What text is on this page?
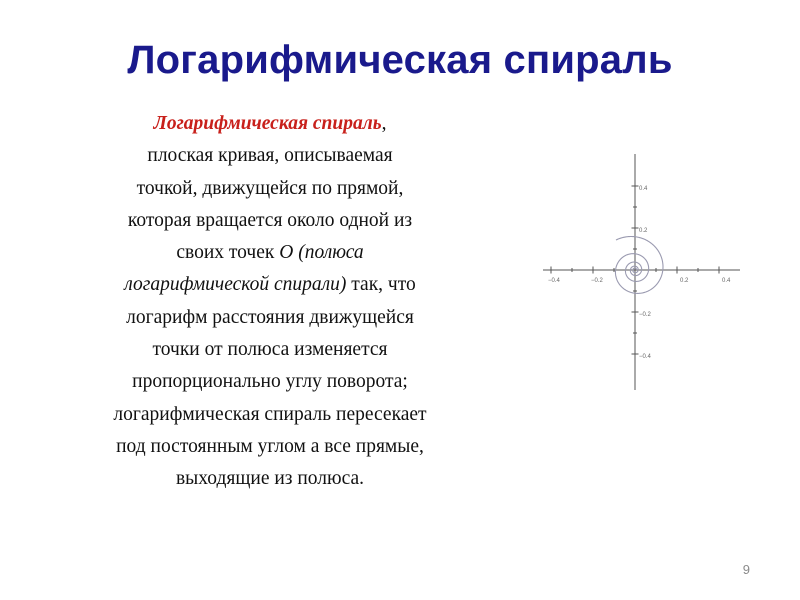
Логарифмическая спираль
Логарифмическая спираль,
плоская кривая, описываемая
точкой, движущейся по прямой,
которая вращается около одной из
своих точек О (полюса
логарифмической спирали) так, что
логарифм расстояния движущейся
точки от полюса изменяется
пропорционально углу поворота;
логарифмическая спираль пересекает
под постоянным углом а все прямые,
выходящие из полюса.
−0.4	−0.2	0.2	0.4
0.4
0.2
−0.2
−0.4
9
